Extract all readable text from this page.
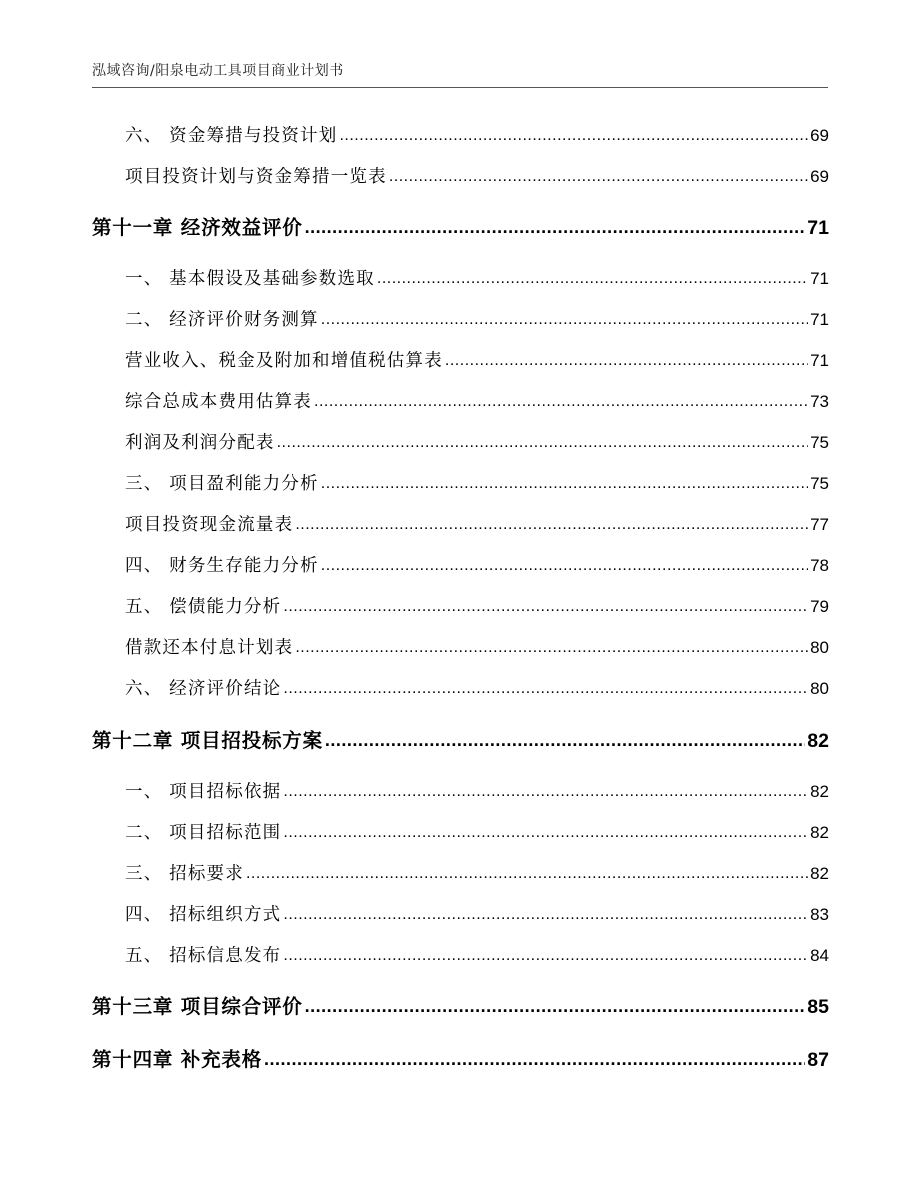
泓域咨询/阳泉电动工具项目商业计划书
六、 资金筹措与投资计划 .....	69
项目投资计划与资金筹措一览表 .....	69
第十一章 经济效益评价 .....	71
一、 基本假设及基础参数选取 .....	71
二、 经济评价财务测算 .....	71
营业收入、税金及附加和增值税估算表 .....	71
综合总成本费用估算表 .....	73
利润及利润分配表 .....	75
三、 项目盈利能力分析 .....	75
项目投资现金流量表 .....	77
四、 财务生存能力分析 .....	78
五、 偿债能力分析 .....	79
借款还本付息计划表 .....	80
六、 经济评价结论 .....	80
第十二章 项目招投标方案 .....	82
一、 项目招标依据 .....	82
二、 项目招标范围 .....	82
三、 招标要求 .....	82
四、 招标组织方式 .....	83
五、 招标信息发布 .....	84
第十三章 项目综合评价 .....	85
第十四章 补充表格 .....	87
